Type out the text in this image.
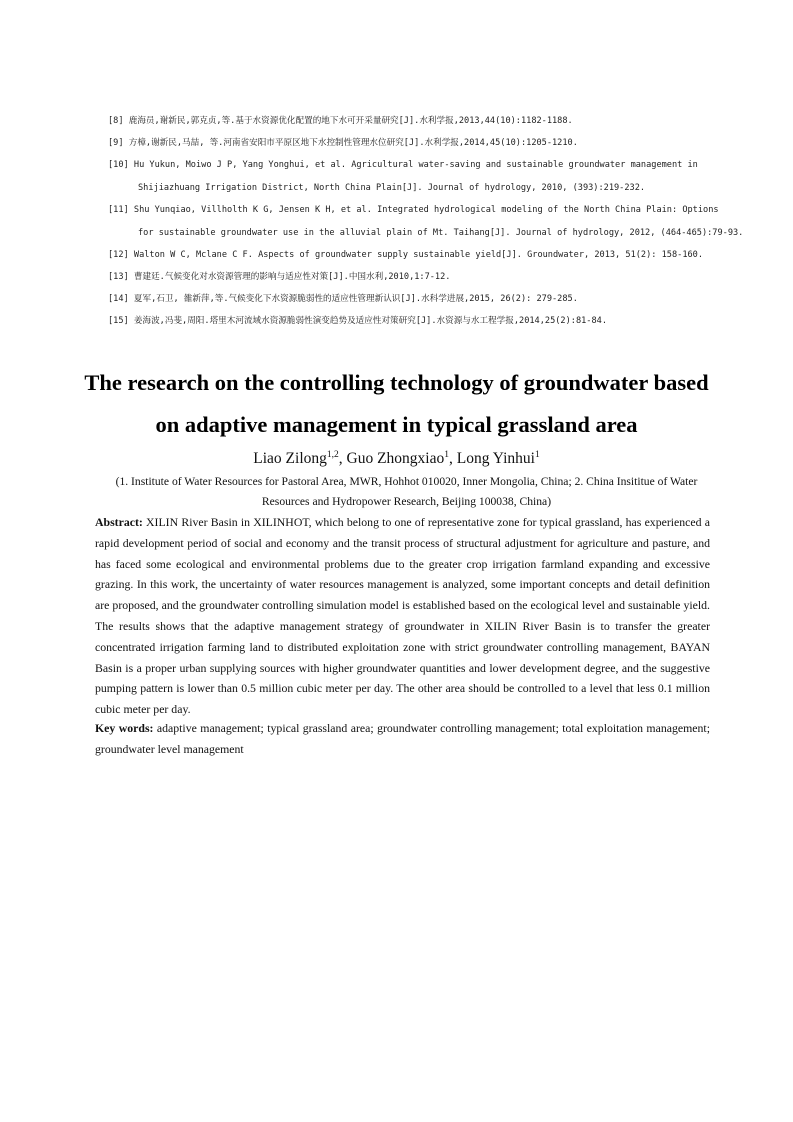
[8] 鹿海员,谢新民,郭克贞,等.基于水资源优化配置的地下水可开采量研究[J].水利学报,2013,44(10):1182-1188.
[9] 方樟,谢新民,马喆, 等.河南省安阳市平原区地下水控制性管理水位研究[J].水利学报,2014,45(10):1205-1210.
[10] Hu Yukun, Moiwo J P, Yang Yonghui, et al. Agricultural water-saving and sustainable groundwater management in
Shijiazhuang Irrigation District, North China Plain[J]. Journal of hydrology, 2010, (393):219-232.
[11] Shu Yunqiao, Villholth K G, Jensen K H, et al. Integrated hydrological modeling of the North China Plain: Options
for sustainable groundwater use in the alluvial plain of Mt. Taihang[J]. Journal of hydrology, 2012, (464-465):79-93.
[12] Walton W C, Mclane C F. Aspects of groundwater supply sustainable yield[J]. Groundwater, 2013, 51(2): 158-160.
[13] 曹建廷.气候变化对水资源管理的影响与适应性对策[J].中国水利,2010,1:7-12.
[14] 夏军,石卫, 雒新萍,等.气候变化下水资源脆弱性的适应性管理新认识[J].水科学进展,2015, 26(2): 279-285.
[15] 姜海波,冯斐,周阳.塔里木河流域水资源脆弱性演变趋势及适应性对策研究[J].水资源与水工程学报,2014,25(2):81-84.
The research on the controlling technology of groundwater based
on adaptive management in typical grassland area
Liao Zilong$^{1,2}$, Guo Zhongxiao$^1$, Long Yinhui$^1$
(1. Institute of Water Resources for Pastoral Area, MWR, Hohhot 010020, Inner Mongolia, China; 2. China Insititue of Water
Resources and Hydropower Research, Beijing 100038, China)
Abstract: XILIN River Basin in XILINHOT, which belong to one of representative zone for typical grassland, has experienced a rapid development period of social and economy and the transit process of structural adjustment for agriculture and pasture, and has faced some ecological and environmental problems due to the greater crop irrigation farmland expanding and excessive grazing. In this work, the uncertainty of water resources management is analyzed, some important concepts and detail definition are proposed, and the groundwater controlling simulation model is established based on the ecological level and sustainable yield. The results shows that the adaptive management strategy of groundwater in XILIN River Basin is to transfer the greater concentrated irrigation farming land to distributed exploitation zone with strict groundwater controlling management, BAYAN Basin is a proper urban supplying sources with higher groundwater quantities and lower development degree, and the suggestive pumping pattern is lower than 0.5 million cubic meter per day. The other area should be controlled to a level that less 0.1 million cubic meter per day.
Key words: adaptive management; typical grassland area; groundwater controlling management; total exploitation management; groundwater level management
